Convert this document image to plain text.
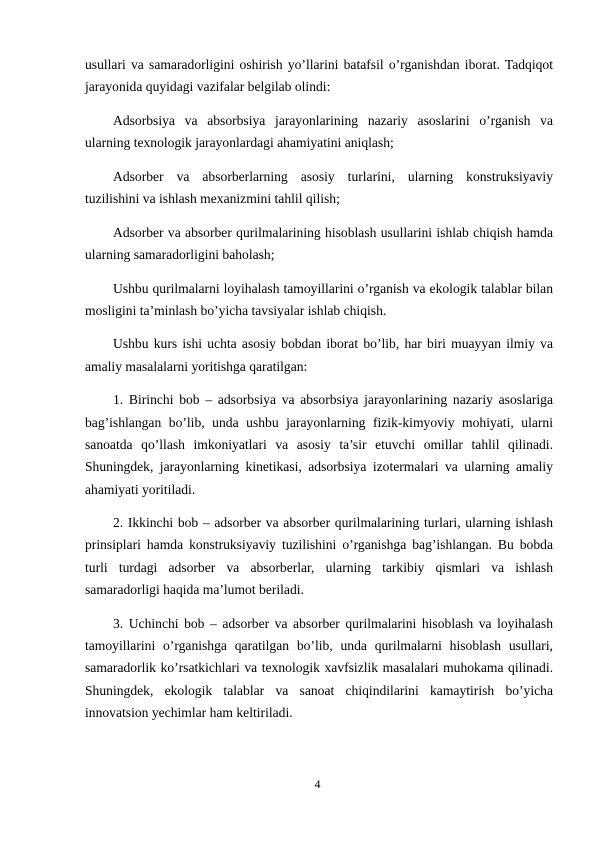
usullari va samaradorligini oshirish yo’llarini batafsil o’rganishdan iborat. Tadqiqot jarayonida quyidagi vazifalar belgilab olindi:

Adsorbsiya va absorbsiya jarayonlarining nazariy asoslarini o’rganish va ularning texnologik jarayonlardagi ahamiyatini aniqlash;

Adsorber va absorberlarning asosiy turlarini, ularning konstruksiyaviy tuzilishini va ishlash mexanizmini tahlil qilish;

Adsorber va absorber qurilmalarining hisoblash usullarini ishlab chiqish hamda ularning samaradorligini baholash;

Ushbu qurilmalarni loyihalash tamoyillarini o’rganish va ekologik talablar bilan mosligini ta’minlash bo’yicha tavsiyalar ishlab chiqish.

Ushbu kurs ishi uchta asosiy bobdan iborat bo’lib, har biri muayyan ilmiy va amaliy masalalarni yoritishga qaratilgan:

1. Birinchi bob – adsorbsiya va absorbsiya jarayonlarining nazariy asoslariga bag’ishlangan bo’lib, unda ushbu jarayonlarning fizik-kimyoviy mohiyati, ularni sanoatda qo’llash imkoniyatlari va asosiy ta’sir etuvchi omillar tahlil qilinadi. Shuningdek, jarayonlarning kinetikasi, adsorbsiya izotermalari va ularning amaliy ahamiyati yoritiladi.

2. Ikkinchi bob – adsorber va absorber qurilmalarining turlari, ularning ishlash prinsiplari hamda konstruksiyaviy tuzilishini o’rganishga bag’ishlangan. Bu bobda turli turdagi adsorber va absorberlar, ularning tarkibiy qismlari va ishlash samaradorligi haqida ma’lumot beriladi.

3. Uchinchi bob – adsorber va absorber qurilmalarini hisoblash va loyihalash tamoyillarini o’rganishga qaratilgan bo’lib, unda qurilmalarni hisoblash usullari, samaradorlik ko’rsatkichlari va texnologik xavfsizlik masalalari muhokama qilinadi. Shuningdek, ekologik talablar va sanoat chiqindilarini kamaytirish bo’yicha innovatsion yechimlar ham keltiriladi.

4
